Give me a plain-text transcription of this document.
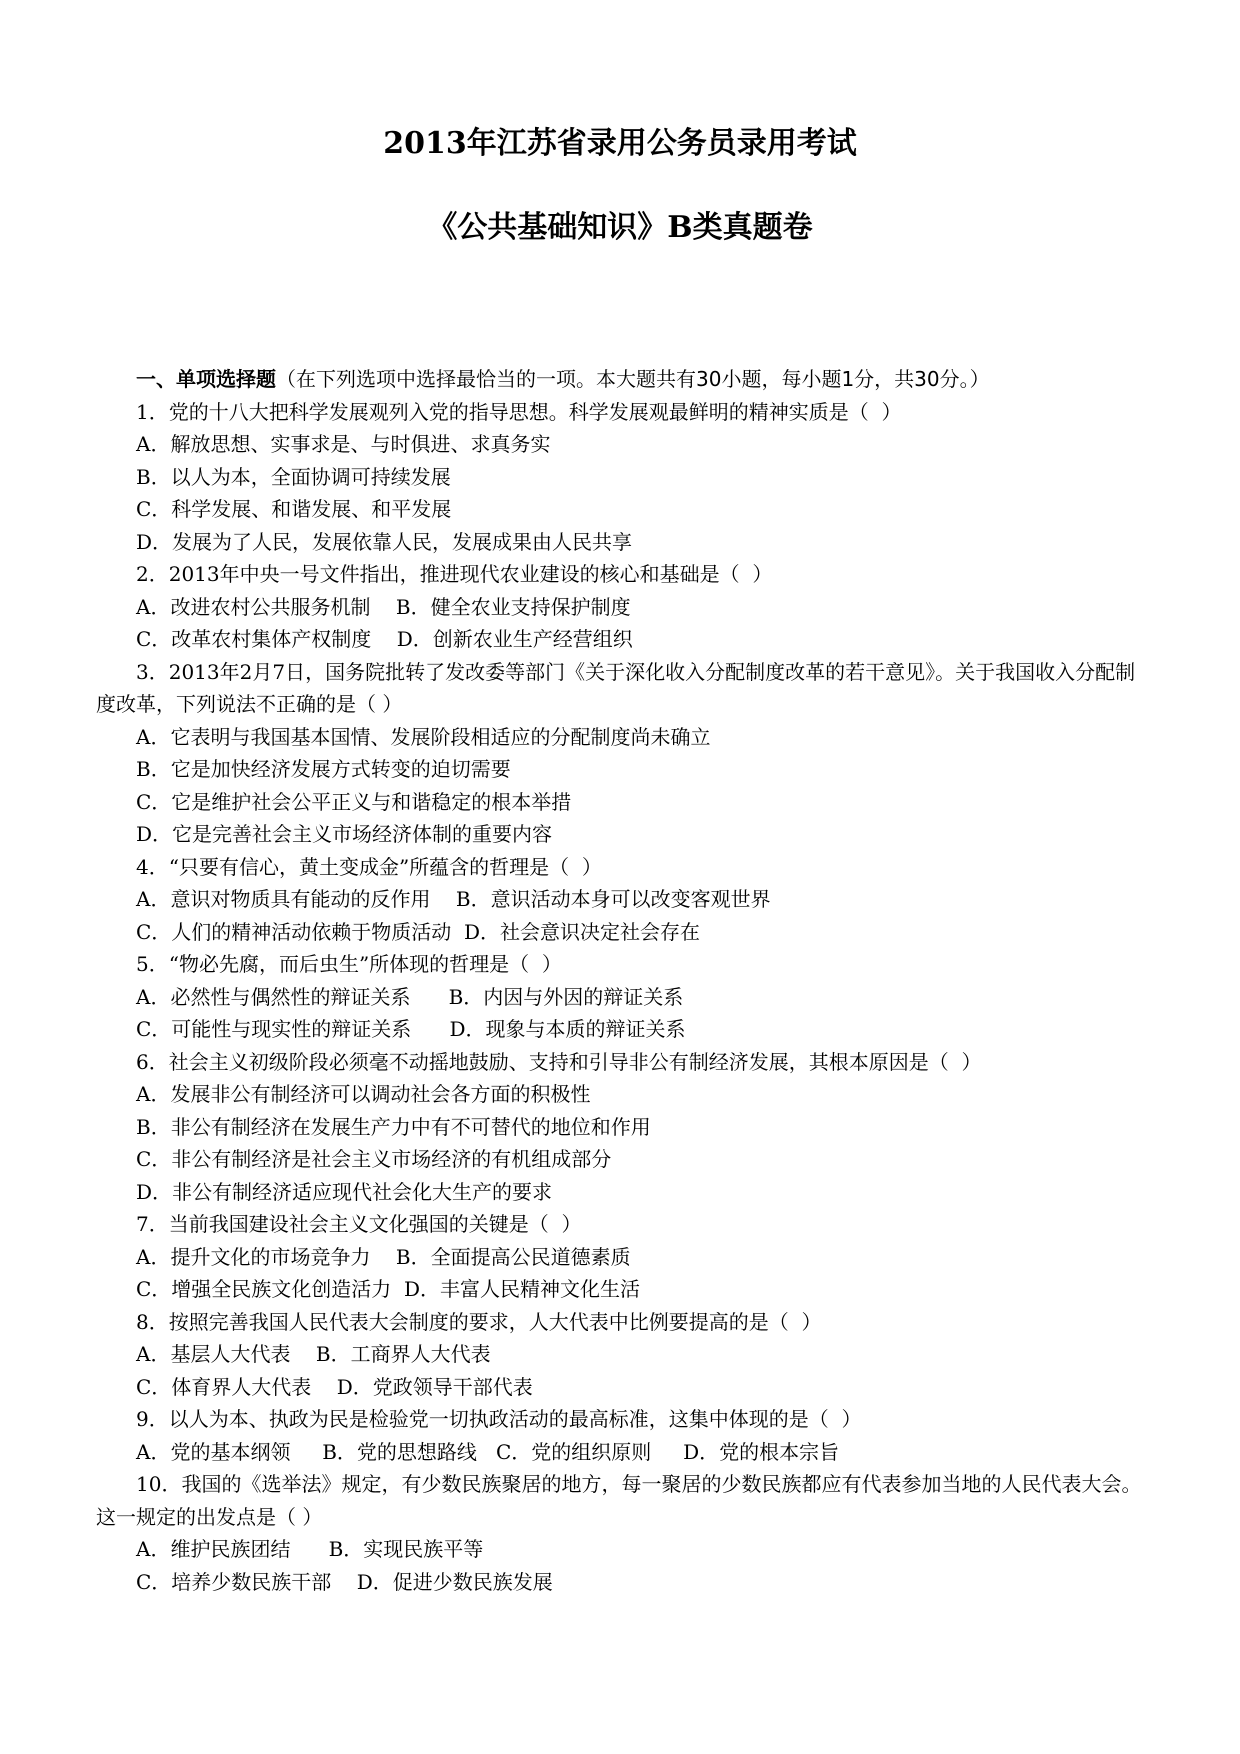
2013年江苏省录用公务员录用考试
《公共基础知识》B类真题卷
一、单项选择题（在下列选项中选择最恰当的一项。本大题共有30小题，每小题1分，共30分。）
1．党的十八大把科学发展观列入党的指导思想。科学发展观最鲜明的精神实质是（  ）
A．解放思想、实事求是、与时俱进、求真务实
B．以人为本，全面协调可持续发展
C．科学发展、和谐发展、和平发展
D．发展为了人民，发展依靠人民，发展成果由人民共享
2．2013年中央一号文件指出，推进现代农业建设的核心和基础是（  ）
A．改进农村公共服务机制    B．健全农业支持保护制度
C．改革农村集体产权制度    D．创新农业生产经营组织
3．2013年2月7日，国务院批转了发改委等部门《关于深化收入分配制度改革的若干意见》。关于我国收入分配制度改革，下列说法不正确的是（ ）
A．它表明与我国基本国情、发展阶段相适应的分配制度尚未确立
B．它是加快经济发展方式转变的迫切需要
C．它是维护社会公平正义与和谐稳定的根本举措
D．它是完善社会主义市场经济体制的重要内容
4．“只要有信心，黄土变成金”所蕴含的哲理是（  ）
A．意识对物质具有能动的反作用    B．意识活动本身可以改变客观世界
C．人们的精神活动依赖于物质活动  D．社会意识决定社会存在
5．“物必先腐，而后虫生”所体现的哲理是（  ）
A．必然性与偶然性的辩证关系      B．内因与外因的辩证关系
C．可能性与现实性的辩证关系      D．现象与本质的辩证关系
6．社会主义初级阶段必须毫不动摇地鼓励、支持和引导非公有制经济发展，其根本原因是（  ）
A．发展非公有制经济可以调动社会各方面的积极性
B．非公有制经济在发展生产力中有不可替代的地位和作用
C．非公有制经济是社会主义市场经济的有机组成部分
D．非公有制经济适应现代社会化大生产的要求
7．当前我国建设社会主义文化强国的关键是（  ）
A．提升文化的市场竞争力    B．全面提高公民道德素质
C．增强全民族文化创造活力  D．丰富人民精神文化生活
8．按照完善我国人民代表大会制度的要求，人大代表中比例要提高的是（  ）
A．基层人大代表    B．工商界人大代表
C．体育界人大代表    D．党政领导干部代表
9．以人为本、执政为民是检验党一切执政活动的最高标准，这集中体现的是（  ）
A．党的基本纲领     B．党的思想路线   C．党的组织原则     D．党的根本宗旨
10．我国的《选举法》规定，有少数民族聚居的地方，每一聚居的少数民族都应有代表参加当地的人民代表大会。这一规定的出发点是（ ）
A．维护民族团结      B．实现民族平等
C．培养少数民族干部    D．促进少数民族发展
